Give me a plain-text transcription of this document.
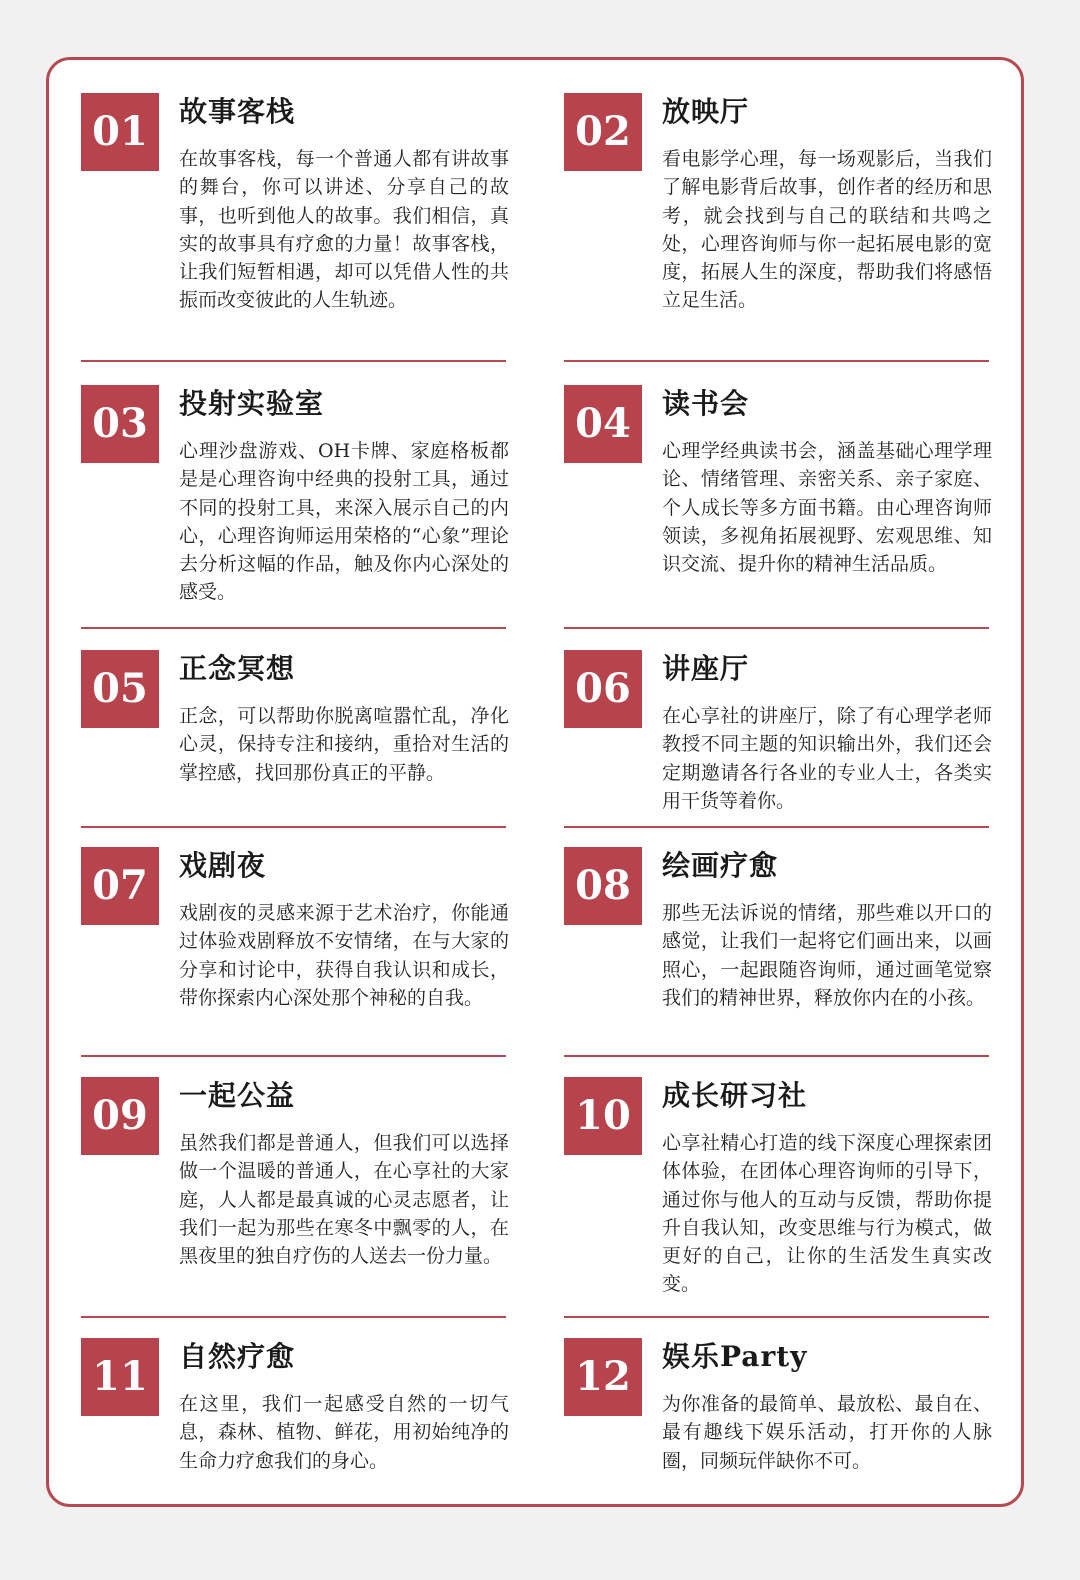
01	故事客栈
在故事客栈，每一个普通人都有讲故事的舞台，你可以讲述、分享自己的故事，也听到他人的故事。我们相信，真实的故事具有疗愈的力量！故事客栈，让我们短暂相遇，却可以凭借人性的共振而改变彼此的人生轨迹。
02	放映厅
看电影学心理，每一场观影后，当我们了解电影背后故事，创作者的经历和思考，就会找到与自己的联结和共鸣之处，心理咨询师与你一起拓展电影的宽度，拓展人生的深度，帮助我们将感悟立足生活。
03	投射实验室
心理沙盘游戏、OH卡牌、家庭格板都是是心理咨询中经典的投射工具，通过不同的投射工具，来深入展示自己的内心，心理咨询师运用荣格的“心象”理论去分析这幅的作品，触及你内心深处的感受。
04	读书会
心理学经典读书会，涵盖基础心理学理论、情绪管理、亲密关系、亲子家庭、个人成长等多方面书籍。由心理咨询师领读，多视角拓展视野、宏观思维、知识交流、提升你的精神生活品质。
05	正念冥想
正念，可以帮助你脱离喧嚣忙乱，净化心灵，保持专注和接纳，重拾对生活的掌控感，找回那份真正的平静。
06	讲座厅
在心享社的讲座厅，除了有心理学老师教授不同主题的知识输出外，我们还会定期邀请各行各业的专业人士，各类实用干货等着你。
07	戏剧夜
戏剧夜的灵感来源于艺术治疗，你能通过体验戏剧释放不安情绪，在与大家的分享和讨论中，获得自我认识和成长，带你探索内心深处那个神秘的自我。
08	绘画疗愈
那些无法诉说的情绪，那些难以开口的感觉，让我们一起将它们画出来，以画照心，一起跟随咨询师，通过画笔觉察我们的精神世界，释放你内在的小孩。
09	一起公益
虽然我们都是普通人，但我们可以选择做一个温暖的普通人，在心享社的大家庭，人人都是最真诚的心灵志愿者，让我们一起为那些在寒冬中飘零的人，在黑夜里的独自疗伤的人送去一份力量。
10	成长研习社
心享社精心打造的线下深度心理探索团体体验，在团体心理咨询师的引导下，通过你与他人的互动与反馈，帮助你提升自我认知，改变思维与行为模式，做更好的自己，让你的生活发生真实改变。
11	自然疗愈
在这里，我们一起感受自然的一切气息，森林、植物、鲜花，用初始纯净的生命力疗愈我们的身心。
12	娱乐Party
为你准备的最简单、最放松、最自在、最有趣线下娱乐活动，打开你的人脉圈，同频玩伴缺你不可。
